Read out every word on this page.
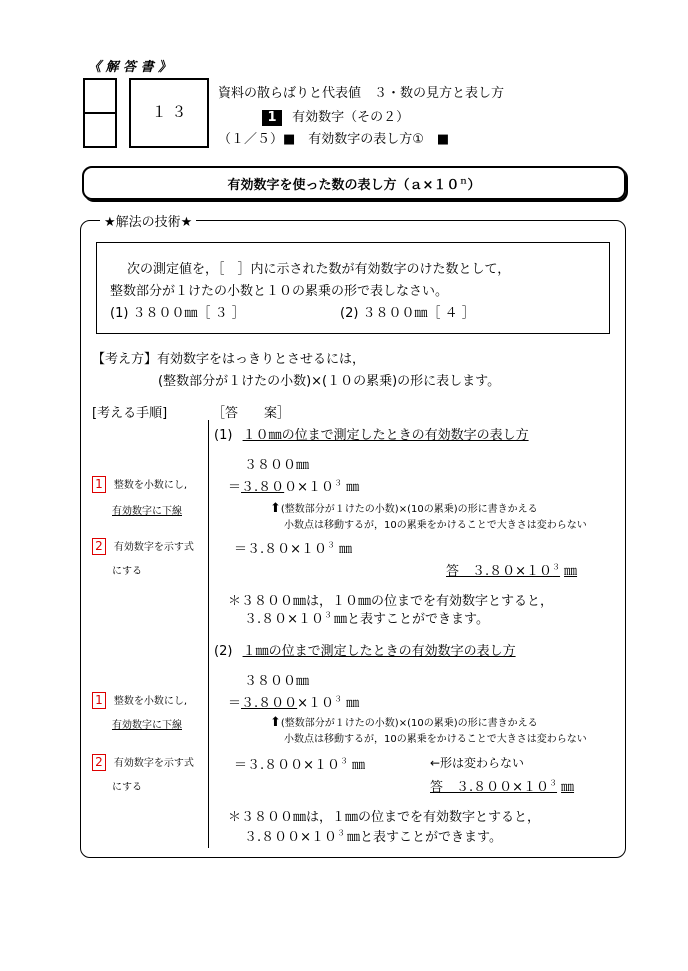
《 解 答 書 》
１ ３
資料の散らばりと代表値　３・数の見方と表し方
1 有効数字（その２）
（１／５）■　有効数字の表し方①　■
有効数字を使った数の表し方$(a\times 10^n)$
★解法の技術★
次の測定値を，［　］内に示された数が有効数字のけた数として，
整数部分が１けたの小数と１０の累乗の形で表しなさい。
(1) ３８００㎜［ ３ ］	(2) ３８００㎜［ ４ ］
【考え方】有効数字をはっきりとさせるには，
(整数部分が１けたの小数)×(１０の累乗)の形に表します。
[考える手順]	［答　　案］
(1) １０㎜の位まで測定したときの有効数字の表し方
３８００㎜
1 整数を小数にし,
有効数字に下線
$=3.800\times 10^3$ ㎜
⬆(整数部分が１けたの小数)×(10の累乗)の形に書きかえる
小数点は移動するが，10の累乗をかけることで大きさは変わらない
2 有効数字を示す式
にする
$=3.80\times 10^3$ ㎜
答　$3.80\times 10^3$ ㎜
＊３８００㎜は，１０㎜の位までを有効数字とすると，
$3.80\times 10^3$ ㎜と表すことができます。
(2) １㎜の位まで測定したときの有効数字の表し方
３８００㎜
1 整数を小数にし,
有効数字に下線
$=3.800\times 10^3$ ㎜
⬆(整数部分が１けたの小数)×(10の累乗)の形に書きかえる
小数点は移動するが，10の累乗をかけることで大きさは変わらない
2 有効数字を示す式
にする
$=3.800\times 10^3$ ㎜	←形は変わらない
答　$3.800\times 10^3$ ㎜
＊３８００㎜は，１㎜の位までを有効数字とすると，
$3.800\times 10^3$ ㎜と表すことができます。
